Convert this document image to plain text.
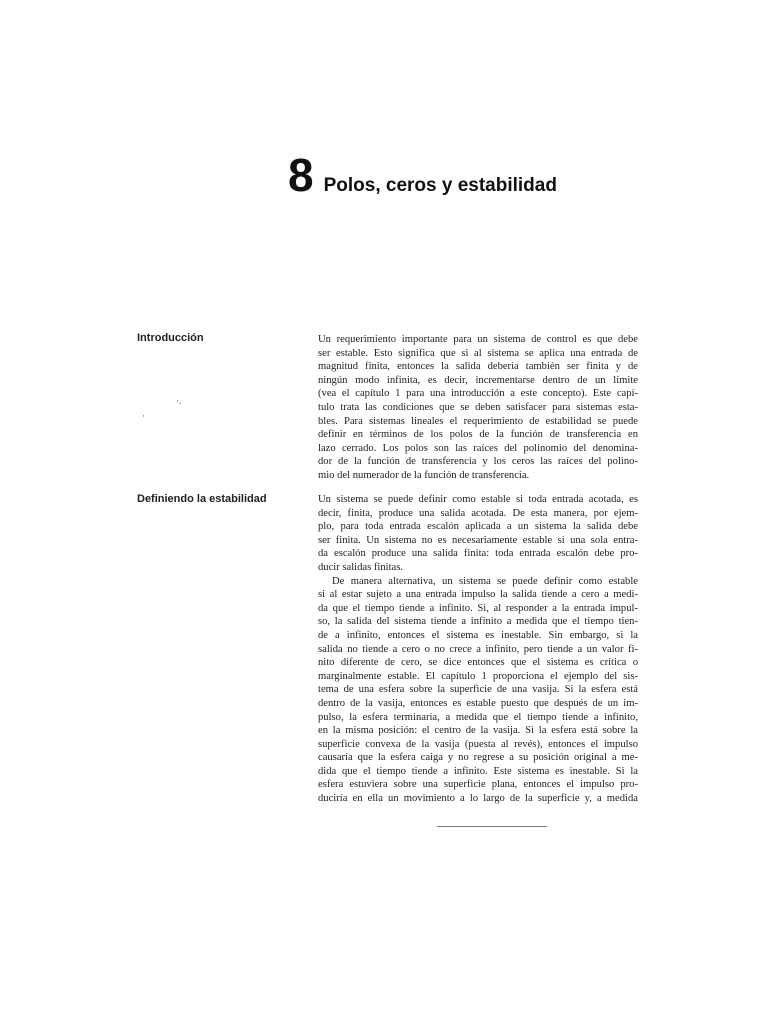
8 Polos, ceros y estabilidad
Introducción	Un requerimiento importante para un sistema de control es que debe
ser estable. Esto significa que si al sistema se aplica una entrada de
magnitud finita, entonces la salida debería también ser finita y de
ningún modo infinita, es decir, incrementarse dentro de un límite
(vea el capítulo 1 para una introducción a este concepto). Este capí-
tulo trata las condiciones que se deben satisfacer para sistemas esta-
bles. Para sistemas lineales el requerimiento de estabilidad se puede
definir en términos de los polos de la función de transferencia en
lazo cerrado. Los polos son las raíces del polinomio del denomina-
dor de la función de transferencia y los ceros las raíces del polino-
mio del numerador de la función de transferencia.
·.
·
Definiendo la estabilidad	Un sistema se puede definir como estable si toda entrada acotada, es
decir, finita, produce una salida acotada. De esta manera, por ejem-
plo, para toda entrada escalón aplicada a un sistema la salida debe
ser finita. Un sistema no es necesariamente estable si una sola entra-
da escalón produce una salida finita: toda entrada escalón debe pro-
ducir salidas finitas.
De manera alternativa, un sistema se puede definir como estable
si al estar sujeto a una entrada impulso la salida tiende a cero a medi-
da que el tiempo tiende a infinito. Si, al responder a la entrada impul-
so, la salida del sistema tiende a infinito a medida que el tiempo tien-
de a infinito, entonces el sistema es inestable. Sin embargo, si la
salida no tiende a cero o no crece a infinito, pero tiende a un valor fi-
nito diferente de cero, se dice entonces que el sistema es crítica o
marginalmente estable. El capítulo 1 proporciona el ejemplo del sis-
tema de una esfera sobre la superficie de una vasija. Si la esfera está
dentro de la vasija, entonces es estable puesto que después de un im-
pulso, la esfera terminaría, a medida que el tiempo tiende a infinito,
en la misma posición: el centro de la vasija. Si la esfera está sobre la
superficie convexa de la vasija (puesta al revés), entonces el impulso
causaría que la esfera caiga y no regrese a su posición original a me-
dida que el tiempo tiende a infinito. Este sistema es inestable. Si la
esfera estuviera sobre una superficie plana, entonces el impulso pro-
duciría en ella un movimiento a lo largo de la superficie y, a medida
